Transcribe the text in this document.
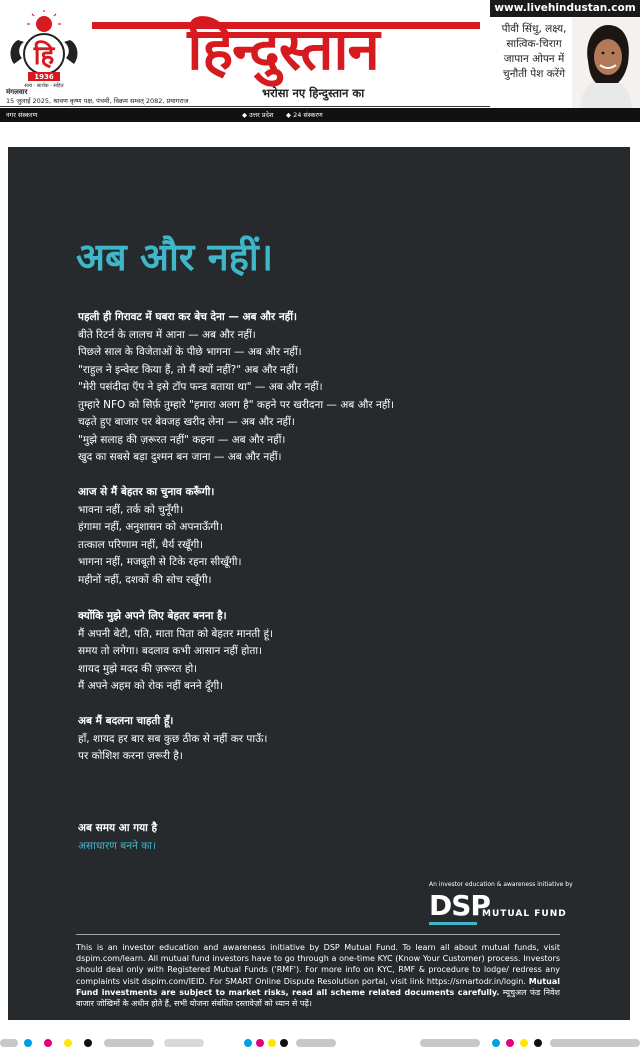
हि
1936
सत्य · सार्थक · सहित
हिन्दुस्तान
भरोसा नए हिन्दुस्तान का
मंगलवार
15 जुलाई 2025, श्रावण कृष्ण पक्ष, पंचमी, विक्रम सम्वत् 2082, प्रयागराज
www.livehindustan.com
पीवी सिंधु, लक्ष्य, सात्विक-चिराग जापान ओपन में चुनौती पेश करेंगे
नगर संस्करण	◆ उत्तर प्रदेश ◆ 24 संस्करण
अब और नहीं।
पहली ही गिरावट में घबरा कर बेच देना — अब और नहीं।
बीते रिटर्न के लालच में आना — अब और नहीं।
पिछले साल के विजेताओं के पीछे भागना — अब और नहीं।
"राहुल ने इन्वेस्ट किया हैं, तो मैं क्यों नहीं?" अब और नहीं।
"मेरी पसंदीदा ऍप ने इसे टॉप फन्ड बताया था" — अब और नहीं।
तुम्हारे NFO को सिर्फ़ तुम्हारे "हमारा अलग है" कहने पर खरीदना — अब और नहीं।
चढ़ते हुए बाजार पर बेवजह खरीद लेना — अब और नहीं।
"मुझे सलाह की ज़रूरत नहीं" कहना — अब और नहीं।
खुद का सबसे बड़ा दुश्मन बन जाना — अब और नहीं।
आज से मैं बेहतर का चुनाव करूँगी।
भावना नहीं, तर्क को चुनूँगी।
हंगामा नहीं, अनुशासन को अपनाऊँगी।
तत्काल परिणाम नहीं, धैर्य रखूँगी।
भागना नहीं, मजबूती से टिके रहना सीखूँगी।
महीनों नहीं, दशकों की सोच रखूँगी।
क्योंकि मुझे अपने लिए बेहतर बनना है।
मैं अपनी बेटी, पति, माता पिता को बेहतर मानती हूं।
समय तो लगेगा। बदलाव कभी आसान नहीं होता।
शायद मुझे मदद की ज़रूरत हो।
मैं अपने अहम को रोक नहीं बनने दूँगी।
अब मैं बदलना चाहती हूँ।
हाँ, शायद हर बार सब कुछ ठीक से नहीं कर पाऊँ।
पर कोशिश करना ज़रूरी है।
अब समय आ गया है
असाधारण बनने का।
An investor education & awareness initiative by
DSP
MUTUAL FUND
This is an investor education and awareness initiative by DSP Mutual Fund. To learn all about mutual funds, visit dspim.com/learn. All mutual fund investors have to go through a one-time KYC (Know Your Customer) process. Investors should deal only with Registered Mutual Funds ('RMF'). For more info on KYC, RMF & procedure to lodge/ redress any complaints visit dspim.com/IEID. For SMART Online Dispute Resolution portal, visit link https://smartodr.in/login. Mutual Fund investments are subject to market risks, read all scheme related documents carefully. म्यूचुअल फंड निवेश बाजार जोखिमों के अधीन होते हैं, सभी योजना संबंधित दस्तावेज़ों को ध्यान से पढ़ें।
